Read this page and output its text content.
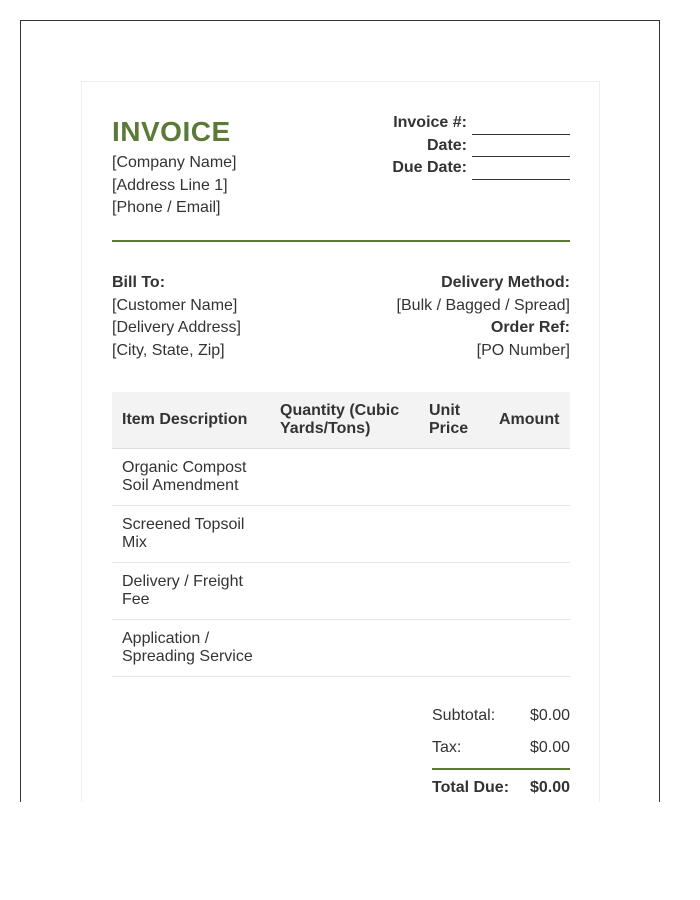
INVOICE
[Company Name]
[Address Line 1]
[Phone / Email]
Invoice #:
Date:
Due Date:
Bill To:
[Customer Name]
[Delivery Address]
[City, State, Zip]
Delivery Method:
[Bulk / Bagged / Spread]
Order Ref:
[PO Number]
Item Description	Quantity (Cubic Yards/Tons)	Unit Price	Amount
Organic Compost Soil Amendment			
Screened Topsoil Mix			
Delivery / Freight Fee			
Application / Spreading Service			
Subtotal: $0.00
Tax:	$0.00
Total Due: $0.00
